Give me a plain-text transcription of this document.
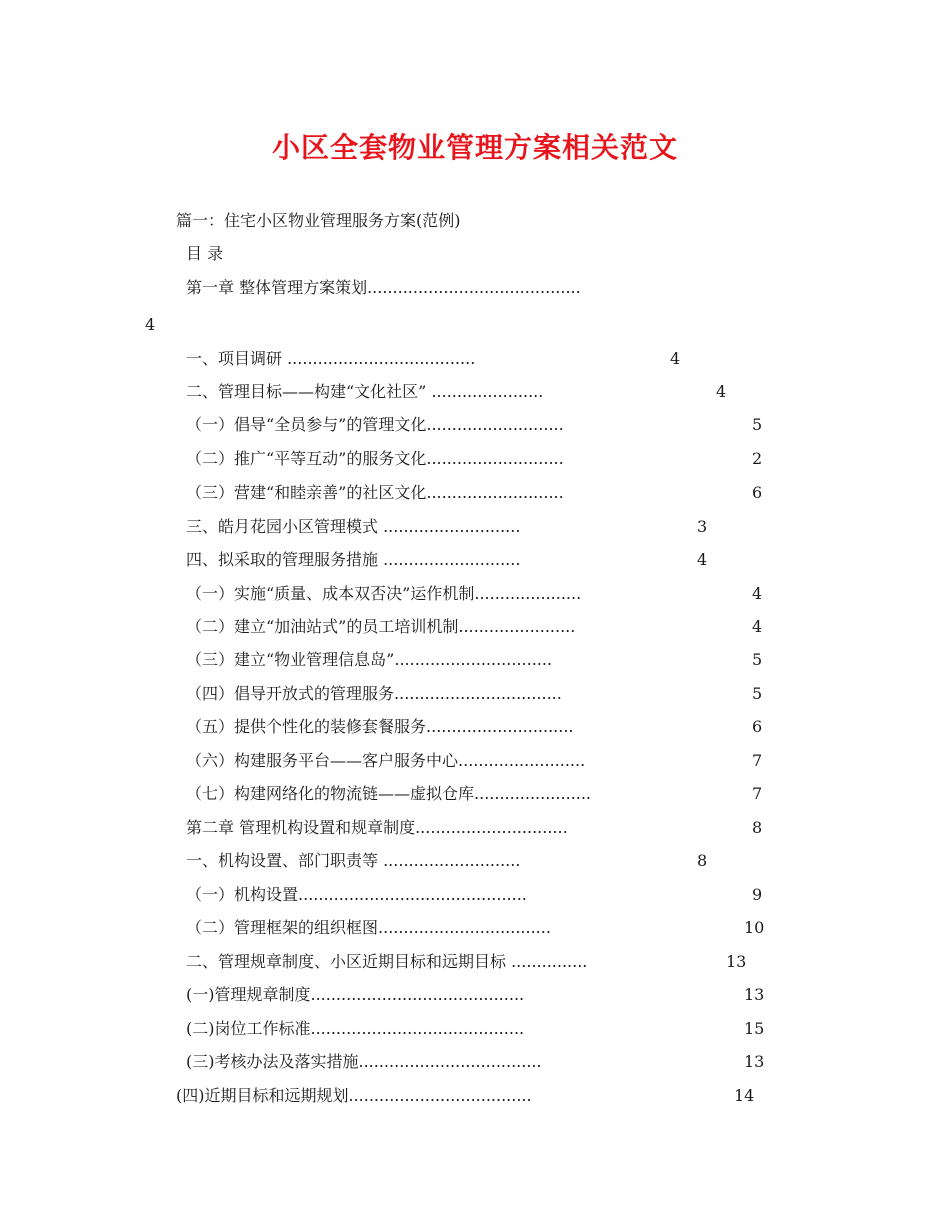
小区全套物业管理方案相关范文
篇一：住宅小区物业管理服务方案(范例)
目 录
第一章 整体管理方案策划..........................................
4
一、项目调研 .....................................	4
二、管理目标——构建“文化社区” ......................	4
（一）倡导“全员参与”的管理文化...........................	5
（二）推广“平等互动”的服务文化...........................	2
（三）营建“和睦亲善”的社区文化...........................	6
三、皓月花园小区管理模式 ...........................	3
四、拟采取的管理服务措施 ...........................	4
（一）实施“质量、成本双否决”运作机制.....................	4
（二）建立“加油站式”的员工培训机制.......................	4
（三）建立“物业管理信息岛”...............................	5
（四）倡导开放式的管理服务.................................	5
（五）提供个性化的装修套餐服务.............................	6
（六）构建服务平台——客户服务中心.........................	7
（七）构建网络化的物流链——虚拟仓库.......................	7
第二章 管理机构设置和规章制度..............................	8
一、机构设置、部门职责等 ...........................	8
（一）机构设置.............................................	9
（二）管理框架的组织框图..................................	10
二、管理规章制度、小区近期目标和远期目标 ...............	13
(一)管理规章制度..........................................	13
(二)岗位工作标准..........................................	15
(三)考核办法及落实措施....................................	13
(四)近期目标和远期规划....................................	14
